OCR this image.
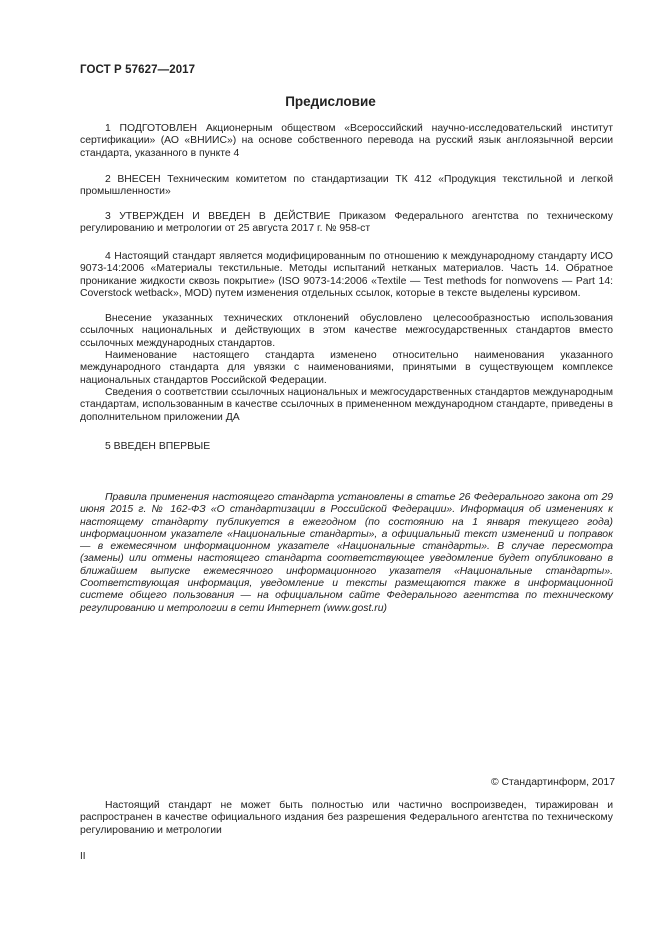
ГОСТ Р 57627—2017
Предисловие

1 ПОДГОТОВЛЕН Акционерным обществом «Всероссийский научно-исследовательский институт сертификации» (АО «ВНИИС») на основе собственного перевода на русский язык англоязычной версии стандарта, указанного в пункте 4

2 ВНЕСЕН Техническим комитетом по стандартизации ТК 412 «Продукция текстильной и легкой промышленности»

3 УТВЕРЖДЕН И ВВЕДЕН В ДЕЙСТВИЕ Приказом Федерального агентства по техническому регулированию и метрологии от 25 августа 2017 г. № 958-ст

4 Настоящий стандарт является модифицированным по отношению к международному стандарту ИСО 9073-14:2006 «Материалы текстильные. Методы испытаний нетканых материалов. Часть 14. Обратное проникание жидкости сквозь покрытие» (ISO 9073-14:2006 «Textile — Test methods for nonwovens — Part 14: Coverstock wetback», MOD) путем изменения отдельных ссылок, которые в тексте выделены курсивом.

Внесение указанных технических отклонений обусловлено целесообразностью использования ссылочных национальных и действующих в этом качестве межгосударственных стандартов вместо ссылочных международных стандартов.

Наименование настоящего стандарта изменено относительно наименования указанного международного стандарта для увязки с наименованиями, принятыми в существующем комплексе национальных стандартов Российской Федерации.

Сведения о соответствии ссылочных национальных и межгосударственных стандартов международным стандартам, использованным в качестве ссылочных в примененном международном стандарте, приведены в дополнительном приложении ДА

5 ВВЕДЕН ВПЕРВЫЕ

Правила применения настоящего стандарта установлены в статье 26 Федерального закона от 29 июня 2015 г. № 162-ФЗ «О стандартизации в Российской Федерации». Информация об изменениях к настоящему стандарту публикуется в ежегодном (по состоянию на 1 января текущего года) информационном указателе «Национальные стандарты», а официальный текст изменений и поправок — в ежемесячном информационном указателе «Национальные стандарты». В случае пересмотра (замены) или отмены настоящего стандарта соответствующее уведомление будет опубликовано в ближайшем выпуске ежемесячного информационного указателя «Национальные стандарты». Соответствующая информация, уведомление и тексты размещаются также в информационной системе общего пользования — на официальном сайте Федерального агентства по техническому регулированию и метрологии в сети Интернет (www.gost.ru)

© Стандартинформ, 2017

Настоящий стандарт не может быть полностью или частично воспроизведен, тиражирован и распространен в качестве официального издания без разрешения Федерального агентства по техническому регулированию и метрологии

II
